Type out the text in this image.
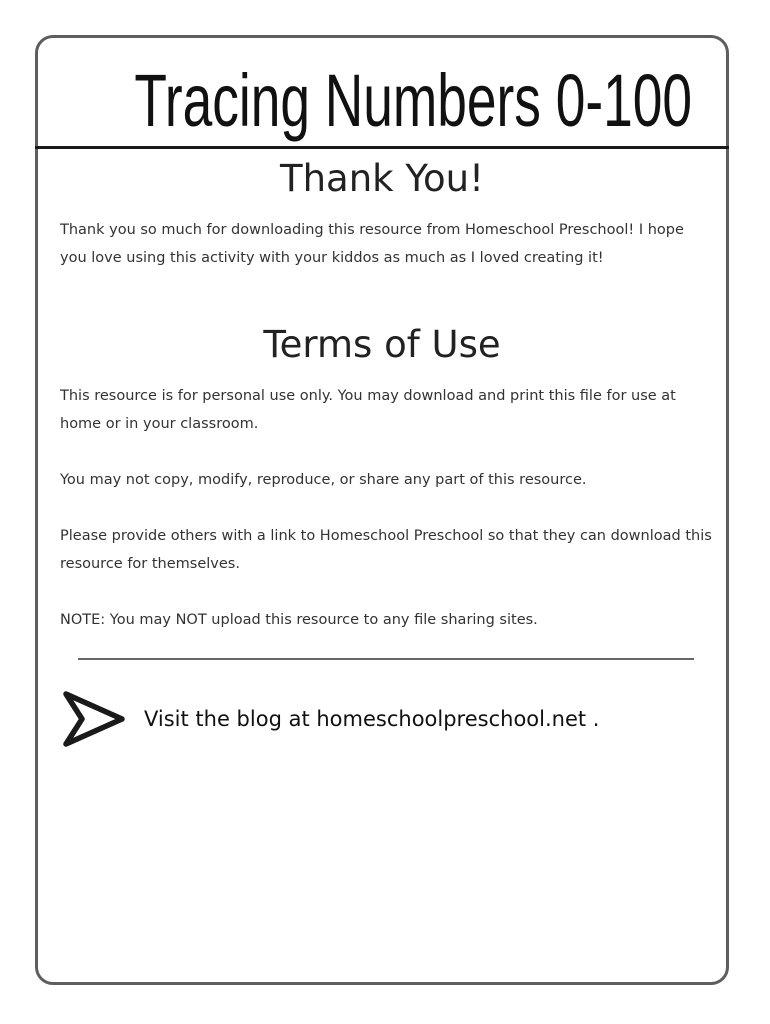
Tracing Numbers 0-100
Thank You!

Thank you so much for downloading this resource from Homeschool Preschool! I hope you love using this activity with your kiddos as much as I loved creating it!

Terms of Use

This resource is for personal use only. You may download and print this file for use at home or in your classroom.

You may not copy, modify, reproduce, or share any part of this resource.

Please provide others with a link to Homeschool Preschool so that they can download this resource for themselves.

NOTE: You may NOT upload this resource to any file sharing sites.

Visit the blog at homeschoolpreschool.net .
